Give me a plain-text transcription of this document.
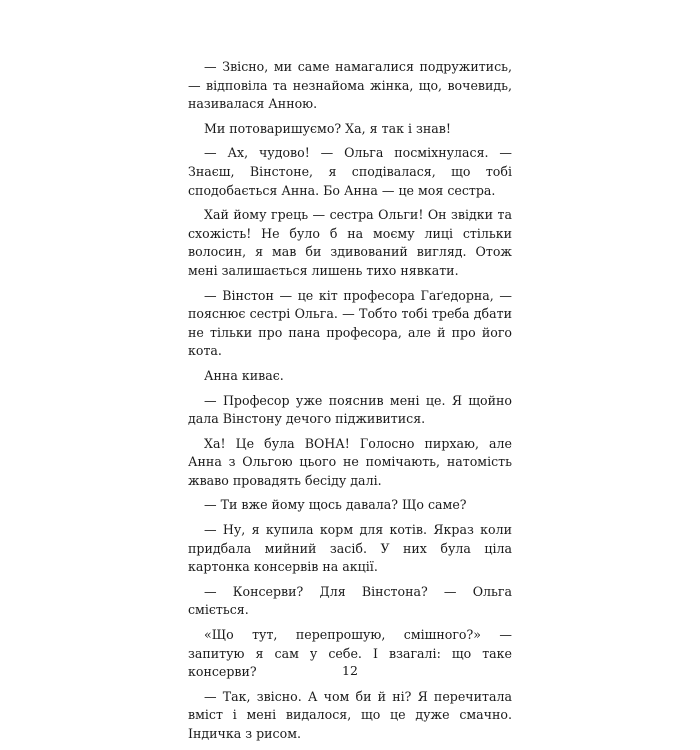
— Звісно, ми саме намагалися подружитись, — відповіла та незнайома жінка, що, вочевидь, називалася Анною.

Ми потоваришуємо? Ха, я так і знав!

— Ах, чудово! — Ольга посміхнулася. — Знаєш, Вінстоне, я сподівалася, що тобі сподобається Анна. Бо Анна — це моя сестра.

Хай йому грець — сестра Ольги! Он звідки та схожість! Не було б на моєму лиці стільки волосин, я мав би здивований вигляд. Отож мені залишається лишень тихо нявкати.

— Вінстон — це кіт професора Гаґедорна, — пояснює сестрі Ольга. — Тобто тобі треба дбати не тільки про пана професора, але й про його кота.

Анна киває.

— Професор уже пояснив мені це. Я щойно дала Вінстону дечого підживитися.

Ха! Це була ВОНА! Голосно пирхаю, але Анна з Ольгою цього не помічають, натомість жваво провадять бесіду далі.

— Ти вже йому щось давала? Що саме?

— Ну, я купила корм для котів. Якраз коли придбала мийний засіб. У них була ціла картонка консервів на акції.

— Консерви? Для Вінстона? — Ольга сміється.

«Що тут, перепрошую, смішного?» — запитую я сам у себе. І взагалі: що таке консерви?

— Так, звісно. А чом би й ні? Я перечитала вміст і мені видалося, що це дуже смачно. Індичка з рисом.

12
